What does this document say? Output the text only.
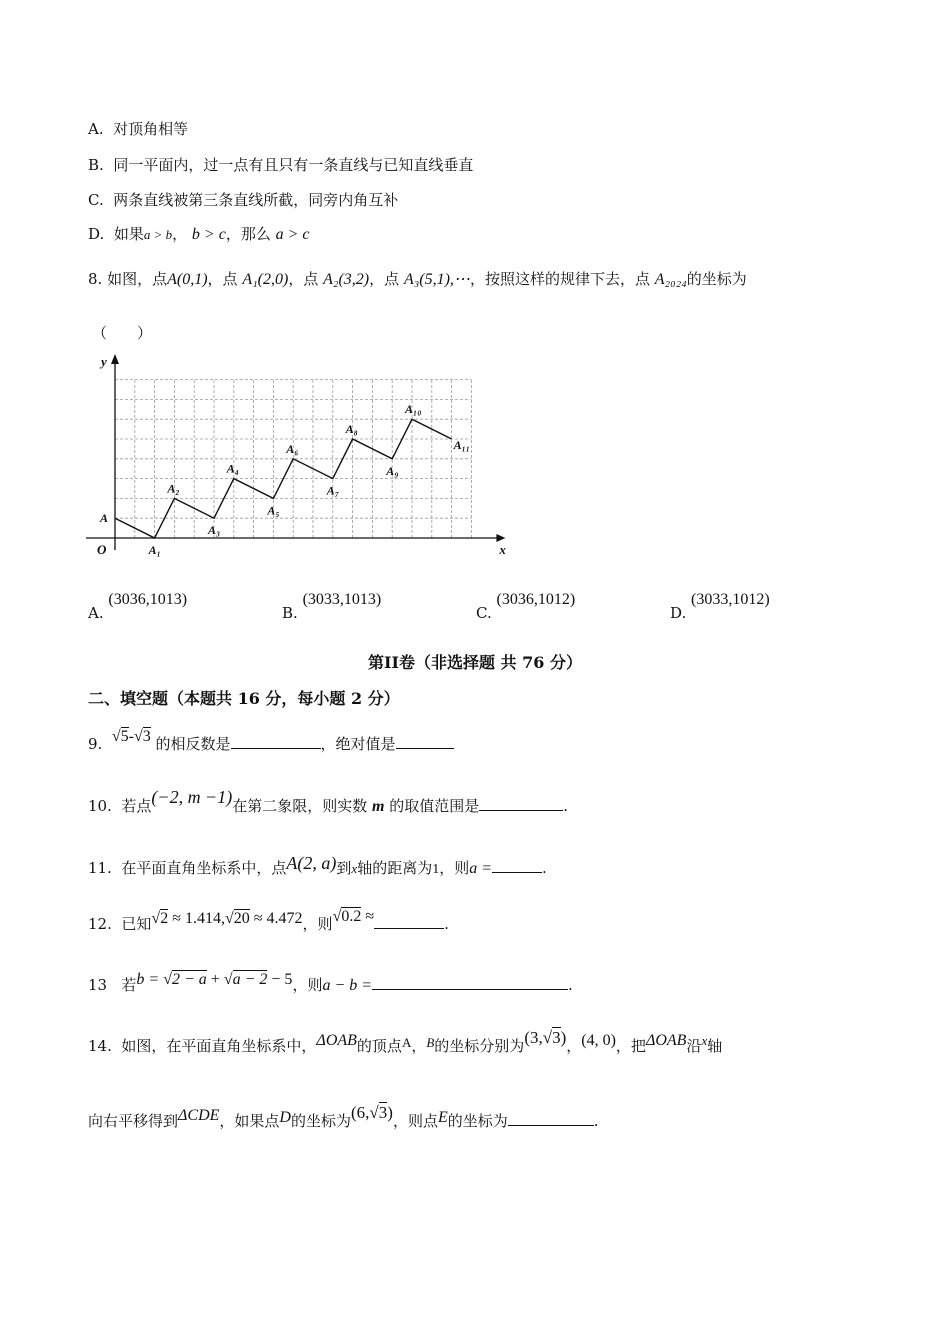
A. 对顶角相等
B. 同一平面内，过一点有且只有一条直线与已知直线垂直
C. 两条直线被第三条直线所截，同旁内角互补
D. 如果a > b， b > c，那么 a > c
8. 如图，点A(0,1)，点 A₁(2,0)，点 A₂(3,2)，点 A₃(5,1),⋯，按照这样的规律下去，点 A₂₀₂₄的坐标为
（　　）
x
y
O
A
A₁
A₂
A₃
A₄
A₅
A₆
A₇
A₈
A₉
A₁₀
A₁₁
A. (3036,1013)
B. (3033,1013)
C. (3036,1012)
D. (3033,1012)
第II卷（非选择题 共 76 分）
二、填空题（本题共 16 分，每小题 2 分）
9. √5-√3 的相反数是	，绝对值是
10. 若点(−2, m −1)在第二象限，则实数 m 的取值范围是	.
11. 在平面直角坐标系中，点A(2, a)到x轴的距离为1，则a =	.
12. 已知√2 ≈ 1.414,√20 ≈ 4.472，则√0.2 ≈	.
13 若b = √2 − a + √a − 2 − 5，则a − b =	.
14. 如图，在平面直角坐标系中，ΔOAB的顶点A，B的坐标分别为(3,√3)，(4, 0)，把ΔOAB沿x轴
向右平移得到ΔCDE，如果点D的坐标为(6,√3)，则点E的坐标为	.
